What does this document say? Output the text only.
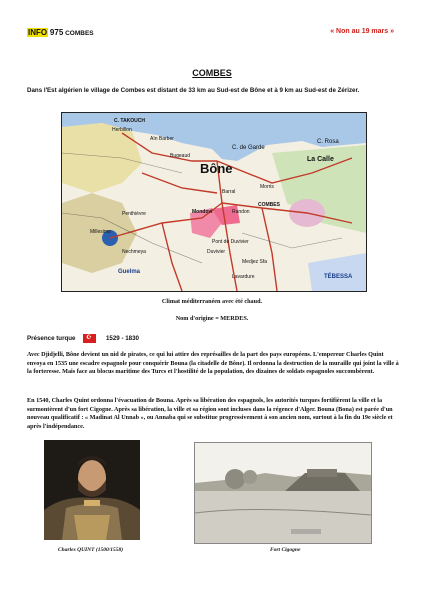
INFO 975 COMBES	« Non au 19 mars »
COMBES
Dans l'Est algérien le village de Combes est distant de 33 km au Sud-est de Bône et à 9 km au Sud-est de Zérizer.
C. TAKOUCH
Herbillon
Aïn Barber
Bugeaud
C. de Garde
Bône
C. Rosa
La Calle
Guelma
Penthièvre	Mondovi
COMBES
Barral
Randon
Morris
Medjez Sfa
Duvivier
Pont de Duvivier
Nechmeya
Millesimo
Lavardure	TÉBESSA
Climat méditerranéen avec été chaud.
Nom d'origine = MERDES.
Présence turque ☪	1529 - 1830
Avec Djidjelli, Bône devient un nid de pirates, ce qui lui attire des représailles de la part des pays européens. L'empereur Charles Quint envoya en 1535 une escadre espagnole pour conquérir Bouna (la citadelle de Bône). Il ordonna la destruction de la muraille qui joint la ville à la forteresse. Mais face au blocus maritime des Turcs et l'hostilité de la population, des dizaines de soldats espagnoles succombèrent.
En 1540, Charles Quint ordonna l'évacuation de Bouna. Après sa libération des espagnols, les autorités turques fortifièrent la ville et la surmontèrent d'un fort Cigogne. Après sa libération, la ville et sa région sont incluses dans la régence d'Alger. Bouna (Bona) est parée d'un nouveau qualificatif : « Madinat Al Unnab », ou Annaba qui se substitue progressivement à son ancien nom, surtout à la fin du 19e siècle et après l'indépendance.
Charles QUINT (1500/1558)	Fort Cigogne
